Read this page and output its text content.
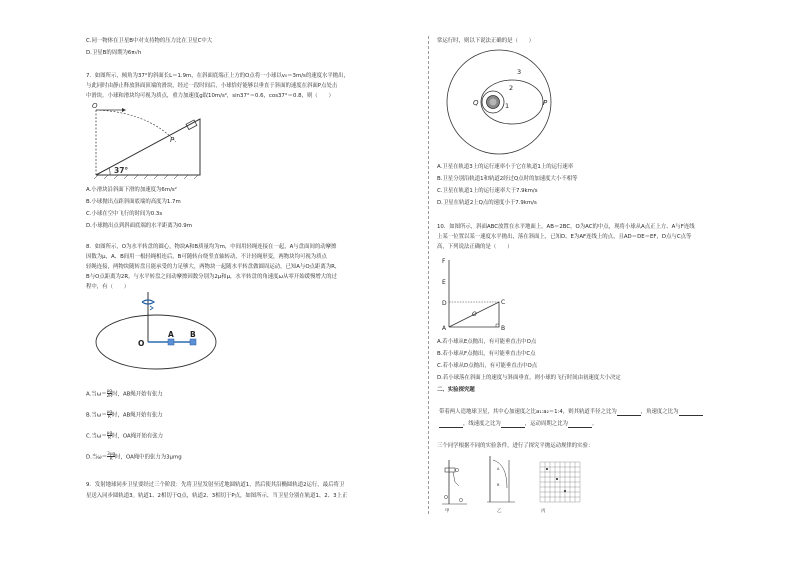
C.同一物体在卫星B中对支持物的压力比在卫星C中大
D.卫星B的周期为6π√h
7．如图所示，倾角为37°的斜面长L＝1.9m，在斜面底端正上方的O点将一小球以v₀＝3m/s的速度水平抛出，
与此同时由静止释放斜面顶端的滑块，经过一段时间后，小球恰好能够以垂直于斜面的速度在斜面P点处击
中滑块。小球和滑块均可视为质点，重力加速度g取10m/s²，sin37°＝0.6，cos37°＝0.8，则（　　）
O
P
37°
A.小滑块沿斜面下滑的加速度为6m/s²
B.小球抛出点距斜面底端的高度为1.7m
C.小球在空中飞行的时间为0.3s
D.小球抛出点到斜面底端的水平距离为0.9m
8．如图所示，O为水平转盘的圆心，物块A和B质量均为m，中间用轻绳连接在一起，A与盘面间的动摩擦
因数为μ，A、B间用一根轻绳相连后，B可随转台绕竖直轴转动，不计轻绳形变，两物块均可视为质点
轻绳连接，两物块随转盘且能承受的力足够大，两物块一起随水平转盘做圆周运动，已知A与O点距离为R，
B与O点距离为2R，与水平转盘之间动摩擦因数分别为2μ和μ，水平转盘的角速度ω从零开始缓慢增大的过
程中，有（　　）
O
A B
A.当$\omega= \frac{\mu g}{2R}$ 时，AB绳开始有张力
B.当$\omega= \frac{\mu g}{R}$ 时，AB绳开始有张力
C.当$\omega= \frac{\mu g}{R}$ 时，OA绳开始有张力
D.当$\omega= \frac{3\mu g}{R}$ 时，OA绳中的张力为3μmg
9．发射地球同步卫星要经过三个阶段：先将卫星发射至近地圆轨道1，然后使其沿椭圆轨道2运行，最后将卫
星送入同步圆轨道3。轨道1、2相切于Q点，轨道2、3相切于P点，如图所示，当卫星分别在轨道1、2、3上正
常运行时，则以下说法正确的是（　　）
Q	P
1
2
3
A.卫星在轨道3上的运行速率小于它在轨道1上的运行速率
B.卫星分别沿轨道1和轨道2经过Q点时的加速度大小不相等
C.卫星在轨道1上的运行速率大于7.9km/s
D.卫星在轨道2上Q点的速度小于7.9km/s
10．如图所示，斜面ABC放置在水平地面上，AB＝2BC，O为AC的中点，现将小球从A点正上方、A与F连线
上某一位置以某一速度水平抛出，落在斜面上，已知D、E为AF连线上的点，且AD＝DE＝EF，D点与C点等
高，下列说法正确的是（　　）
F
E
D
A
O
C
B
A.若小球从E点抛出，有可能垂直击中O点
B.若小球从F点抛出，有可能垂直击中C点
C.若小球从D点抛出，有可能垂直击中O点
D.若小球落在斜面上的速度与斜面垂直，则小球的飞行时间由初速度大小决定
二、实验探究题
带着两人造地球卫星，其中心加速度之比a₁:a₂＝1:4，则其轨道半径之比为	，角速度之比为
，线速度之比为	，运动周期之比为	。
三个同学根据不同的实验条件，进行了探究平抛运动规律的实验：
A
B
甲	乙	丙
